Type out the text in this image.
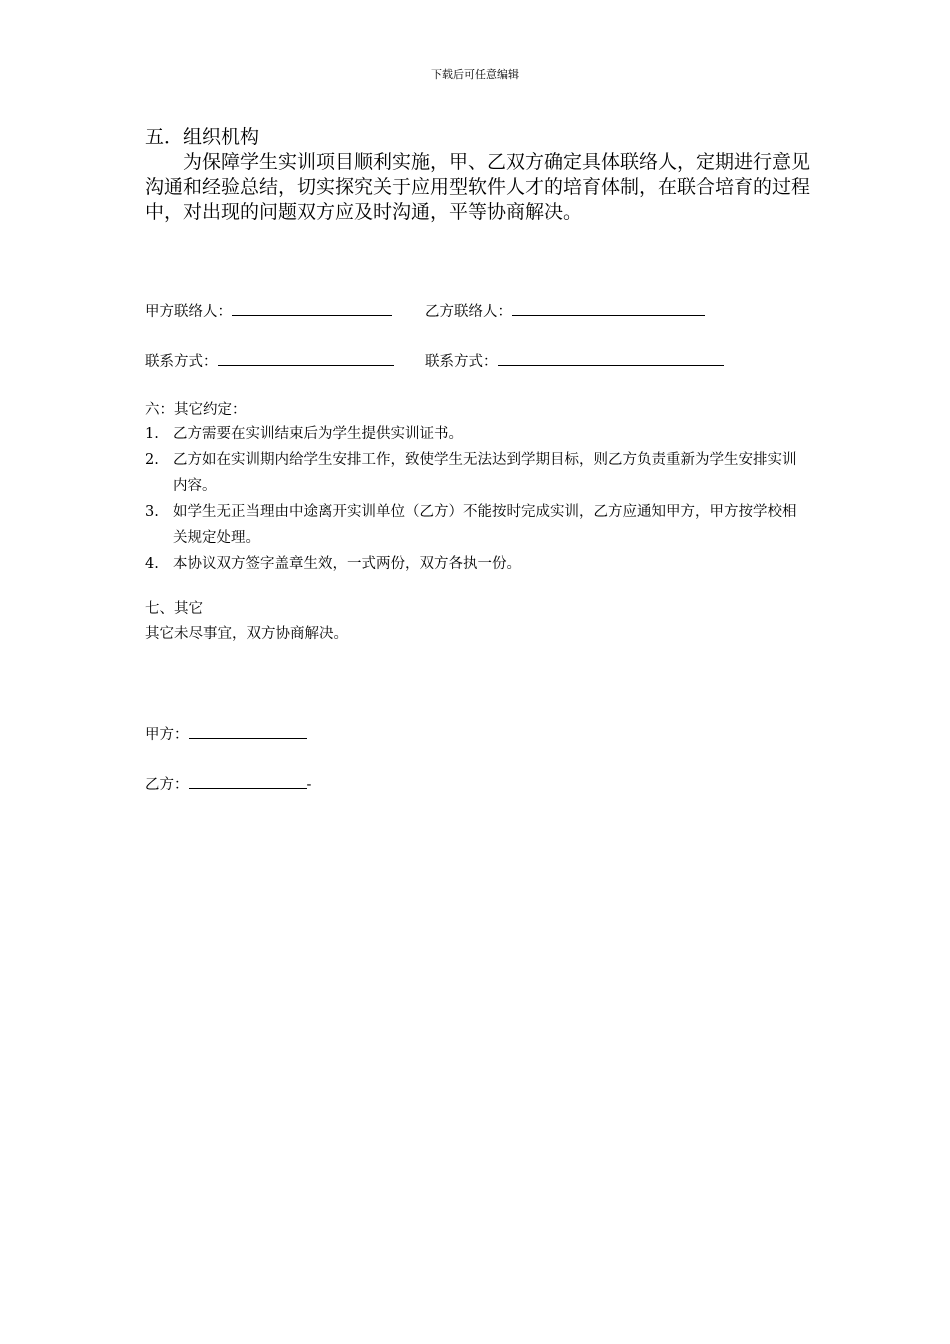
下载后可任意编辑
五．组织机构
为保障学生实训项目顺利实施，甲、乙双方确定具体联络人，定期进行意见沟通和经验总结，切实探究关于应用型软件人才的培育体制，在联合培育的过程中，对出现的问题双方应及时沟通，平等协商解决。
甲方联络人：	乙方联络人：
联系方式：	联系方式：
六：其它约定：
1. 乙方需要在实训结束后为学生提供实训证书。
2. 乙方如在实训期内给学生安排工作，致使学生无法达到学期目标，则乙方负责重新为学生安排实训内容。
3. 如学生无正当理由中途离开实训单位（乙方）不能按时完成实训，乙方应通知甲方，甲方按学校相关规定处理。
4. 本协议双方签字盖章生效，一式两份，双方各执一份。
七、其它
其它未尽事宜，双方协商解决。
甲方：
乙方：	-
